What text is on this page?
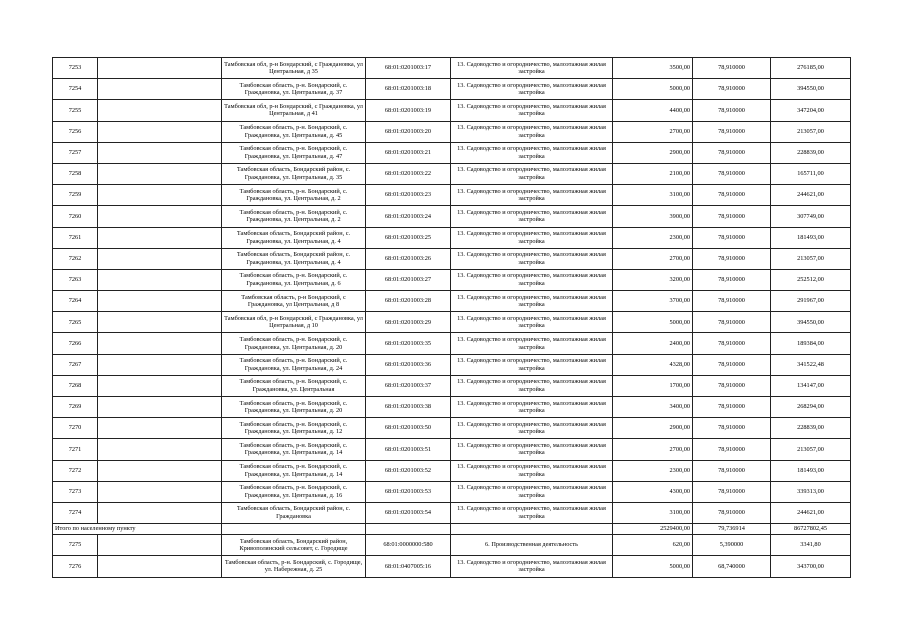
7253		Тамбовская обл, р-н Бондарский, с Граждановка, ул Центральная, д 35	68:01:0201003:17	13. Садоводство и огородничество, малоэтажная жилая застройка	3500,00	78,910000	276185,00
7254		Тамбовская область, р-н. Бондарский, с. Граждановка, ул. Центральная, д. 37	68:01:0201003:18	13. Садоводство и огородничество, малоэтажная жилая застройка	5000,00	78,910000	394550,00
7255		Тамбовская обл, р-н Бондарский, с Граждановка, ул Центральная, д 41	68:01:0201003:19	13. Садоводство и огородничество, малоэтажная жилая застройка	4400,00	78,910000	347204,00
7256		Тамбовская область, р-н. Бондарский, с. Граждановка, ул. Центральная, д. 45	68:01:0201003:20	13. Садоводство и огородничество, малоэтажная жилая застройка	2700,00	78,910000	213057,00
7257		Тамбовская область, р-н. Бондарский, с. Граждановка, ул. Центральная, д. 47	68:01:0201003:21	13. Садоводство и огородничество, малоэтажная жилая застройка	2900,00	78,910000	228839,00
7258		Тамбовская область, Бондарский район, с. Граждановка, ул. Центральная, д. 35	68:01:0201003:22	13. Садоводство и огородничество, малоэтажная жилая застройка	2100,00	78,910000	165711,00
7259		Тамбовская область, р-н. Бондарский, с. Граждановка, ул. Центральная, д. 2	68:01:0201003:23	13. Садоводство и огородничество, малоэтажная жилая застройка	3100,00	78,910000	244621,00
7260		Тамбовская область, р-н. Бондарский, с. Граждановка, ул. Центральная, д. 2	68:01:0201003:24	13. Садоводство и огородничество, малоэтажная жилая застройка	3900,00	78,910000	307749,00
7261		Тамбовская область, Бондарский район, с. Граждановка, ул. Центральная, д. 4	68:01:0201003:25	13. Садоводство и огородничество, малоэтажная жилая застройка	2300,00	78,910000	181493,00
7262		Тамбовская область, Бондарский район, с. Граждановка, ул. Центральная, д. 4	68:01:0201003:26	13. Садоводство и огородничество, малоэтажная жилая застройка	2700,00	78,910000	213057,00
7263		Тамбовская область, р-н. Бондарский, с. Граждановка, ул. Центральная, д. 6	68:01:0201003:27	13. Садоводство и огородничество, малоэтажная жилая застройка	3200,00	78,910000	252512,00
7264		Тамбовская область, р-н Бондарский, с Граждановка, ул Центральная, д 8	68:01:0201003:28	13. Садоводство и огородничество, малоэтажная жилая застройка	3700,00	78,910000	291967,00
7265		Тамбовская обл, р-н Бондарский, с Граждановка, ул Центральная, д 10	68:01:0201003:29	13. Садоводство и огородничество, малоэтажная жилая застройка	5000,00	78,910000	394550,00
7266		Тамбовская область, р-н. Бондарский, с. Граждановка, ул. Центральная, д. 20	68:01:0201003:35	13. Садоводство и огородничество, малоэтажная жилая застройка	2400,00	78,910000	189384,00
7267		Тамбовская область, р-н. Бондарский, с. Граждановка, ул. Центральная, д. 24	68:01:0201003:36	13. Садоводство и огородничество, малоэтажная жилая застройка	4328,00	78,910000	341522,48
7268		Тамбовская область, р-н. Бондарский, с. Граждановка, ул. Центральная	68:01:0201003:37	13. Садоводство и огородничество, малоэтажная жилая застройка	1700,00	78,910000	134147,00
7269		Тамбовская область, р-н. Бондарский, с. Граждановка, ул. Центральная, д. 20	68:01:0201003:38	13. Садоводство и огородничество, малоэтажная жилая застройка	3400,00	78,910000	268294,00
7270		Тамбовская область, р-н. Бондарский, с. Граждановка, ул. Центральная, д. 12	68:01:0201003:50	13. Садоводство и огородничество, малоэтажная жилая застройка	2900,00	78,910000	228839,00
7271		Тамбовская область, р-н. Бондарский, с. Граждановка, ул. Центральная, д. 14	68:01:0201003:51	13. Садоводство и огородничество, малоэтажная жилая застройка	2700,00	78,910000	213057,00
7272		Тамбовская область, р-н. Бондарский, с. Граждановка, ул. Центральная, д. 14	68:01:0201003:52	13. Садоводство и огородничество, малоэтажная жилая застройка	2300,00	78,910000	181493,00
7273		Тамбовская область, р-н. Бондарский, с. Граждановка, ул. Центральная, д. 16	68:01:0201003:53	13. Садоводство и огородничество, малоэтажная жилая застройка	4300,00	78,910000	339313,00
7274		Тамбовская область, Бондарский район, с. Граждановка	68:01:0201003:54	13. Садоводство и огородничество, малоэтажная жилая застройка	3100,00	78,910000	244621,00
Итого по населенному пункту					2529400,00	79,736914	86727802,45
7275		Тамбовская область, Бондарский район, Кривополянский сельсовет, с. Городище	68:01:0000000:580	6. Производственная деятельность	620,00	5,390000	3341,80
7276		Тамбовская область, р-н. Бондарский, с. Городище, ул. Набережная, д. 25	68:01:0407005:16	13. Садоводство и огородничество, малоэтажная жилая застройка	5000,00	68,740000	343700,00
